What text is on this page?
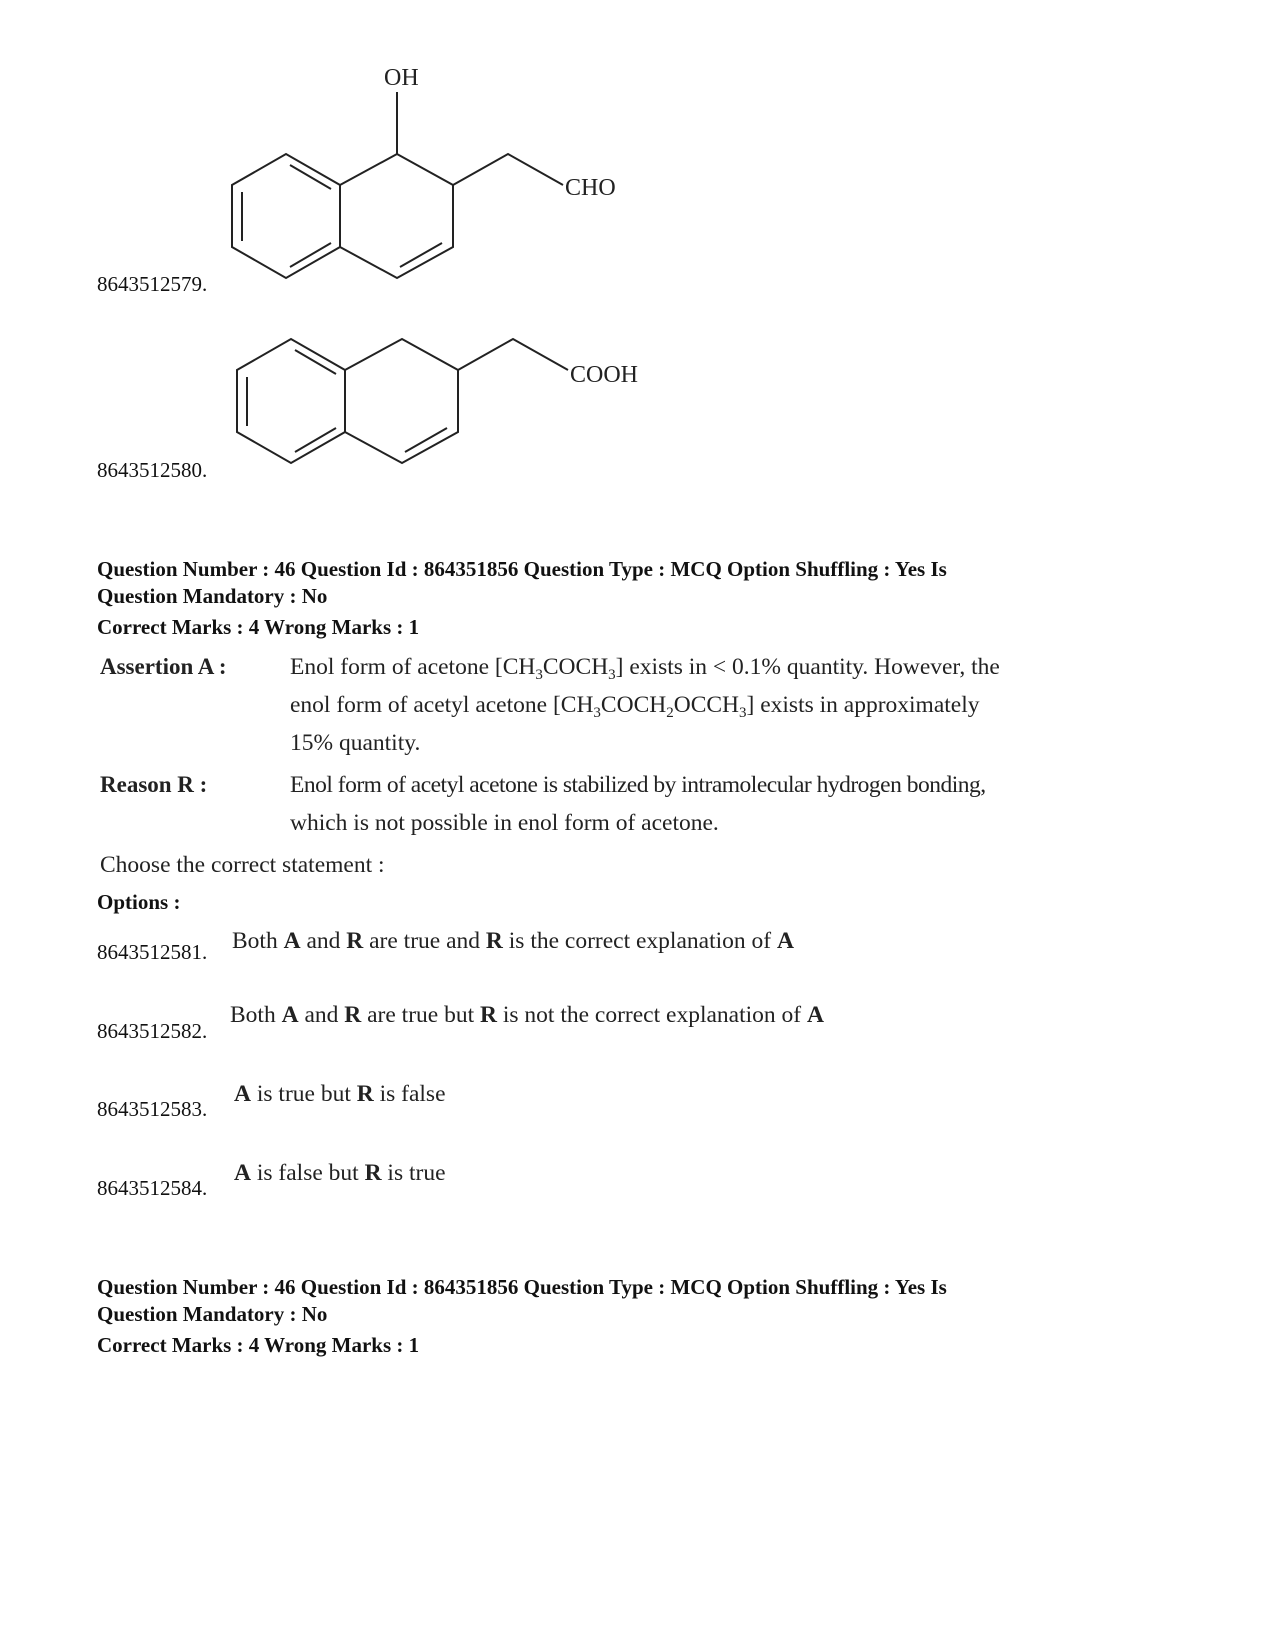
OH
CHO
8643512579.
COOH
8643512580.
Question Number : 46 Question Id : 864351856 Question Type : MCQ Option Shuffling : Yes Is
Question Mandatory : No
Correct Marks : 4 Wrong Marks : 1
Assertion A :	Enol form of acetone $[CH_3COCH_3]$ exists in < 0.1% quantity. However, the
enol form of acetyl acetone $[CH_3COCH_2OCCH_3]$ exists in approximately
15% quantity.
Reason R :	Enol form of acetyl acetone is stabilized by intramolecular hydrogen bonding,
which is not possible in enol form of acetone.
Choose the correct statement :
Options :
8643512581. Both A and R are true and R is the correct explanation of A
8643512582.
Both A and R are true but R is not the correct explanation of A
8643512583.
A is true but R is false
8643512584.
A is false but R is true
Question Number : 46 Question Id : 864351856 Question Type : MCQ Option Shuffling : Yes Is
Question Mandatory : No
Correct Marks : 4 Wrong Marks : 1
